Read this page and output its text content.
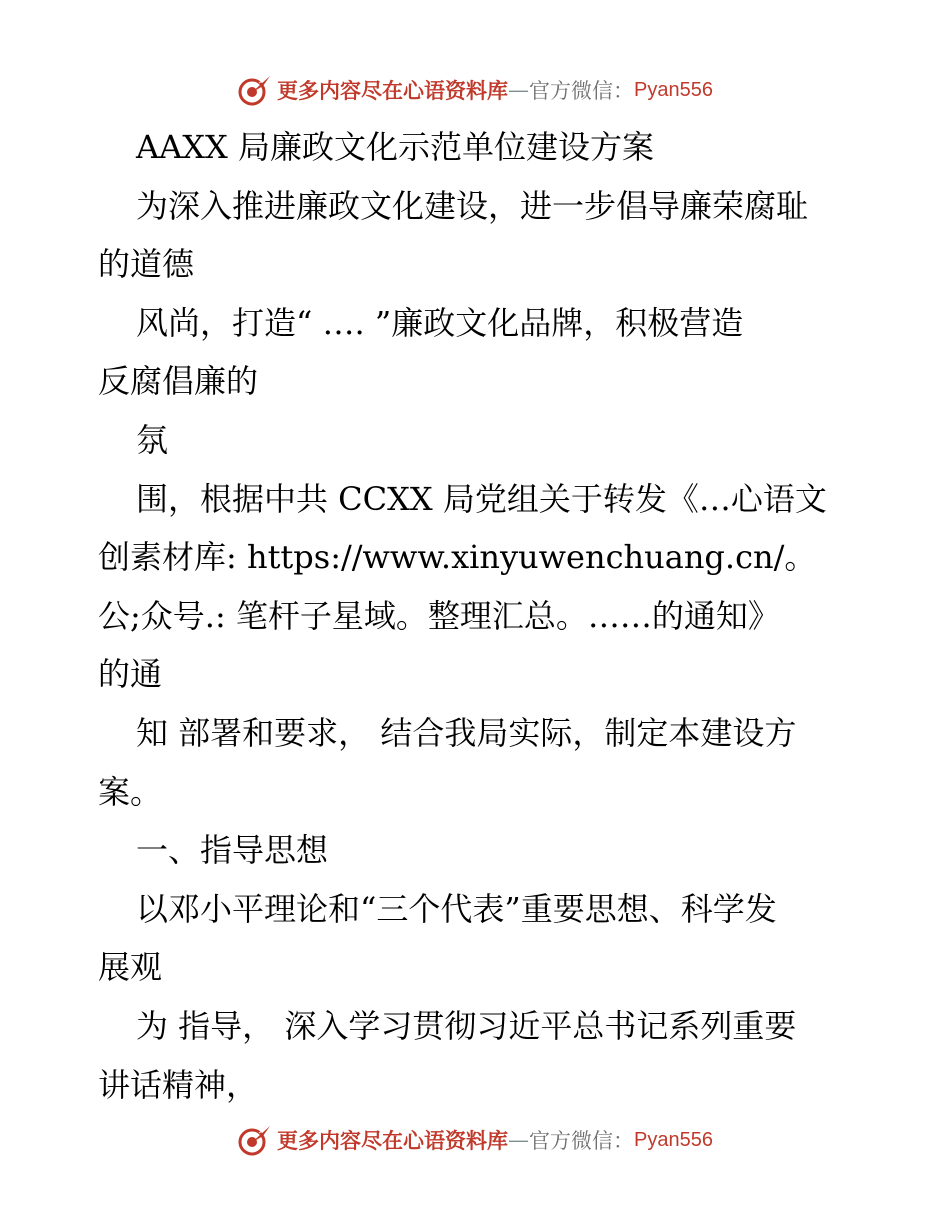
更多内容尽在心语资料库 — 官方微信： Pyan556
AAXX 局廉政文化示范单位建设方案
为深入推进廉政文化建设，进一步倡导廉荣腐耻
的道德
风尚，打造“ …. ”廉政文化品牌，积极营造
反腐倡廉的
氛
围，根据中共 CCXX 局党组关于转发《…心语文
创素材库: https://www.xinyuwenchuang.cn/。
公;众号.: 笔杆子星域。整理汇总。……的通知》
的通
知 部署和要求， 结合我局实际，制定本建设方
案。
一、指导思想
以邓小平理论和“三个代表”重要思想、科学发
展观
为 指导， 深入学习贯彻习近平总书记系列重要
讲话精神，
更多内容尽在心语资料库 — 官方微信： Pyan556
